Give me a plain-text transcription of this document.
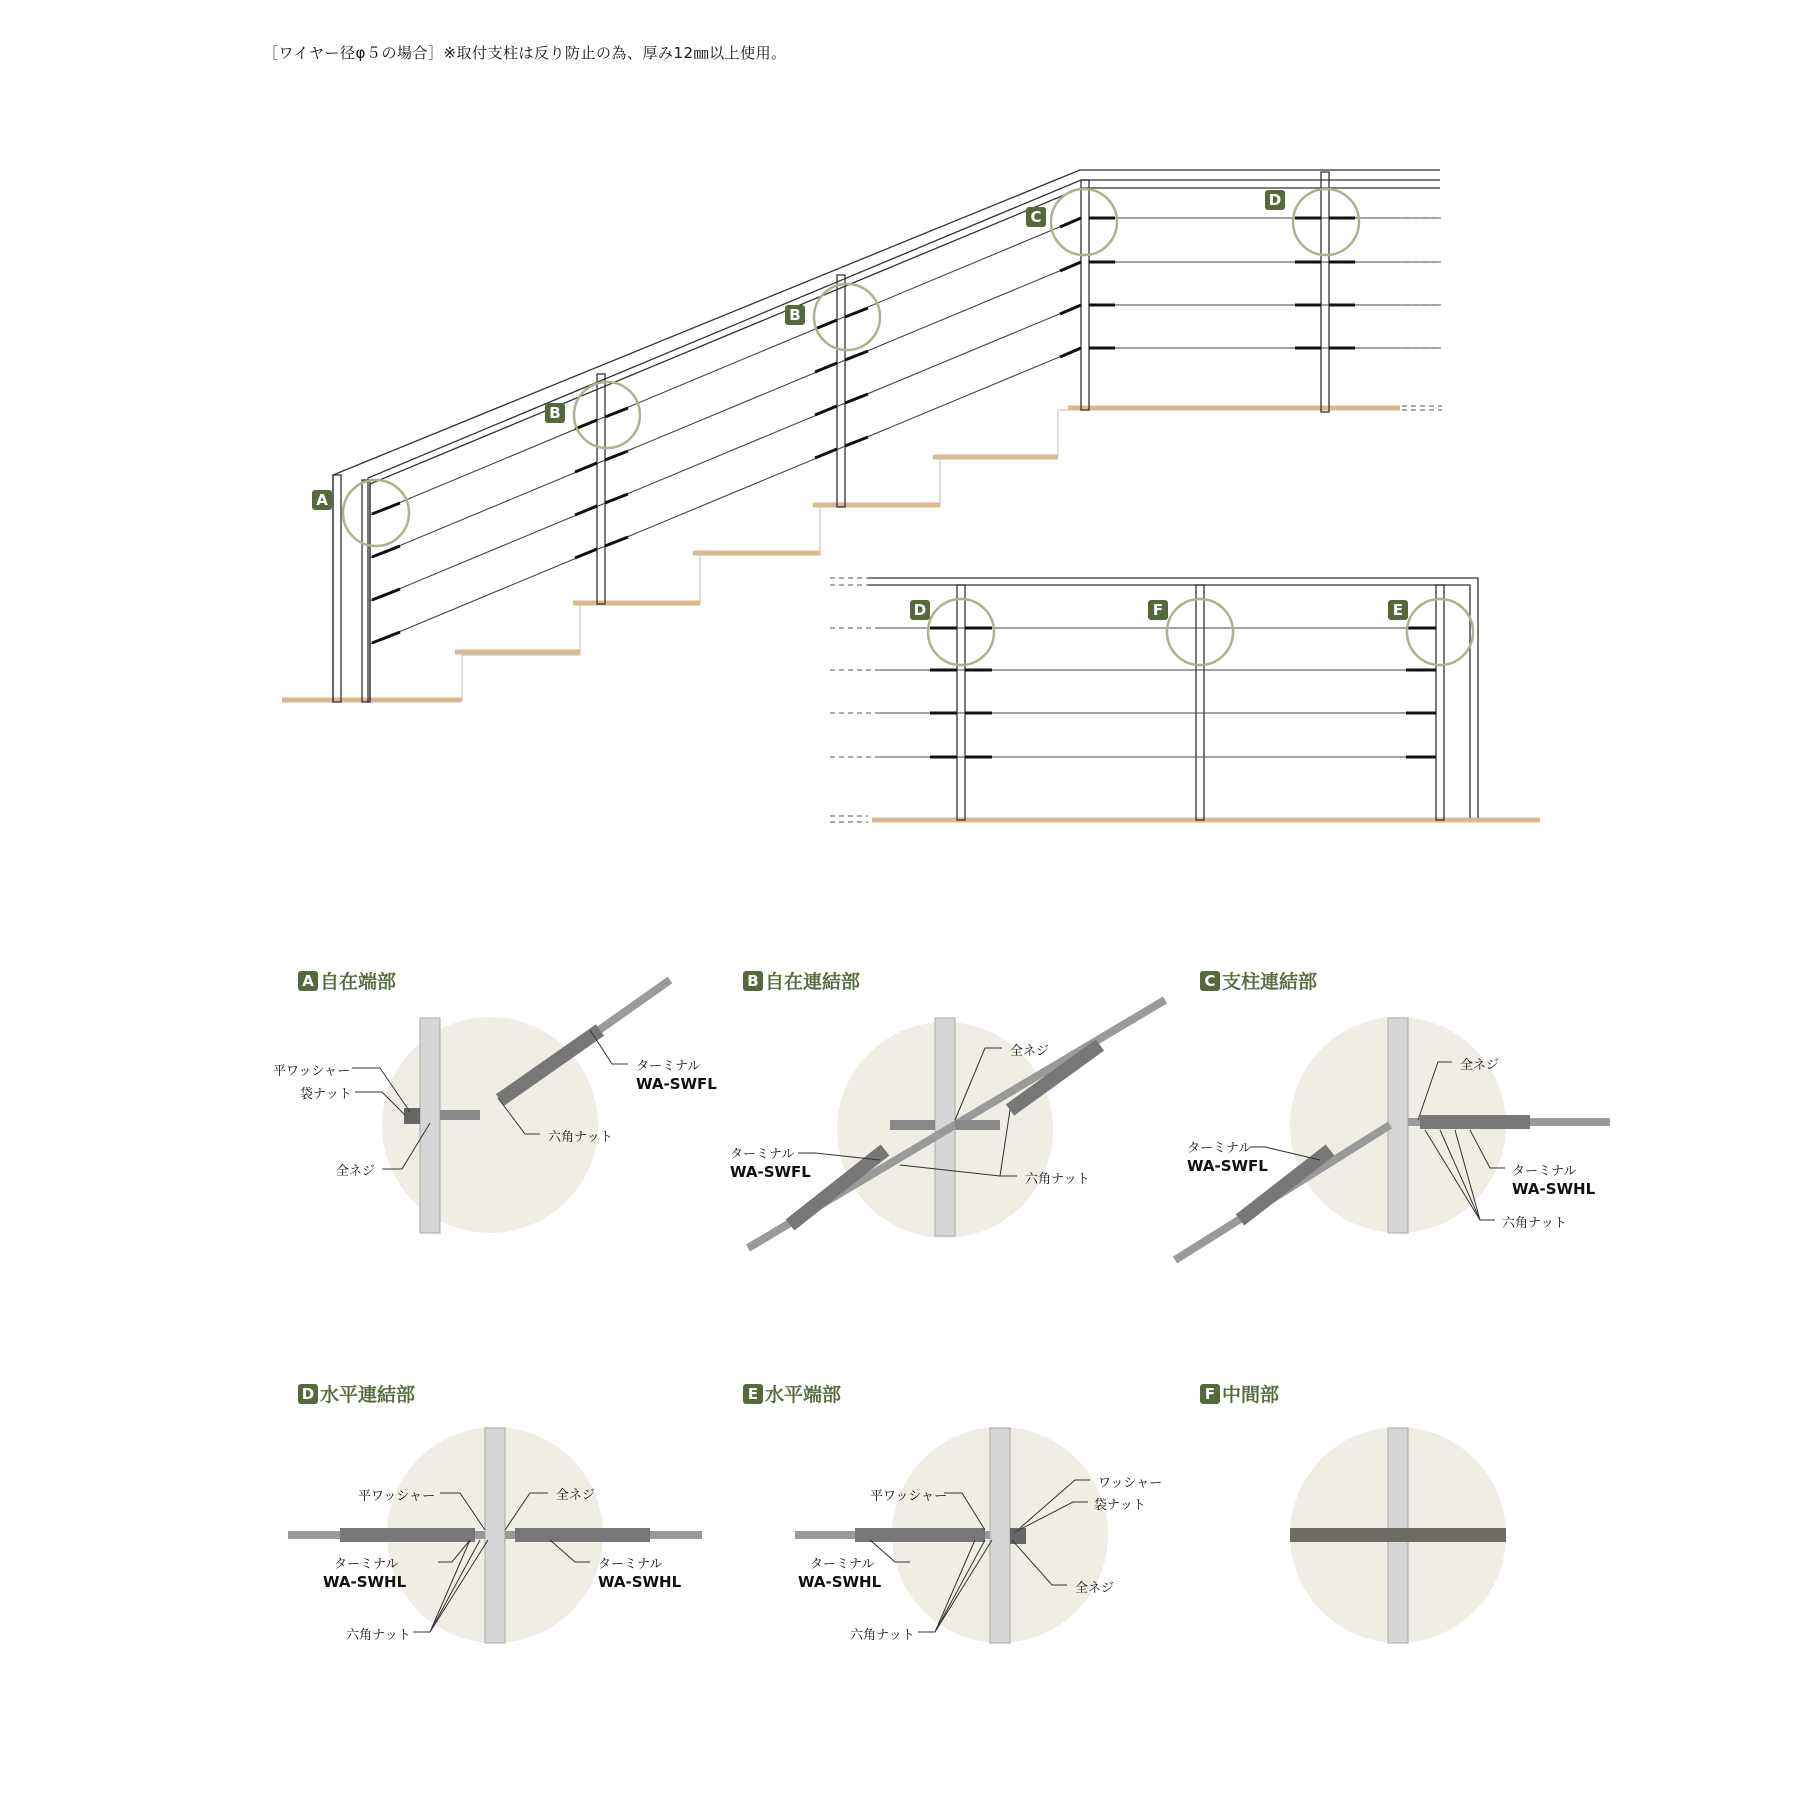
［ワイヤー径φ５の場合］※取付支柱は反り防止の為、厚み12㎜以上使用。
A
B
B
C
D
D	F	E
A 自在端部	B 自在連結部	C 支柱連結部
D 水平連結部	E 水平端部	F 中間部
平ワッシャー
袋ナット
全ネジ
ターミナル
WA-SWFL
六角ナット
全ネジ
ターミナル
WA-SWFL	六角ナット
全ネジ
ターミナル
WA-SWFL	ターミナル
WA-SWHL
六角ナット
平ワッシャー	全ネジ
ターミナル
WA-SWHL
ターミナル
WA-SWHL
六角ナット
平ワッシャー
ワッシャー
袋ナット
全ネジ
ターミナル
WA-SWHL
六角ナット
